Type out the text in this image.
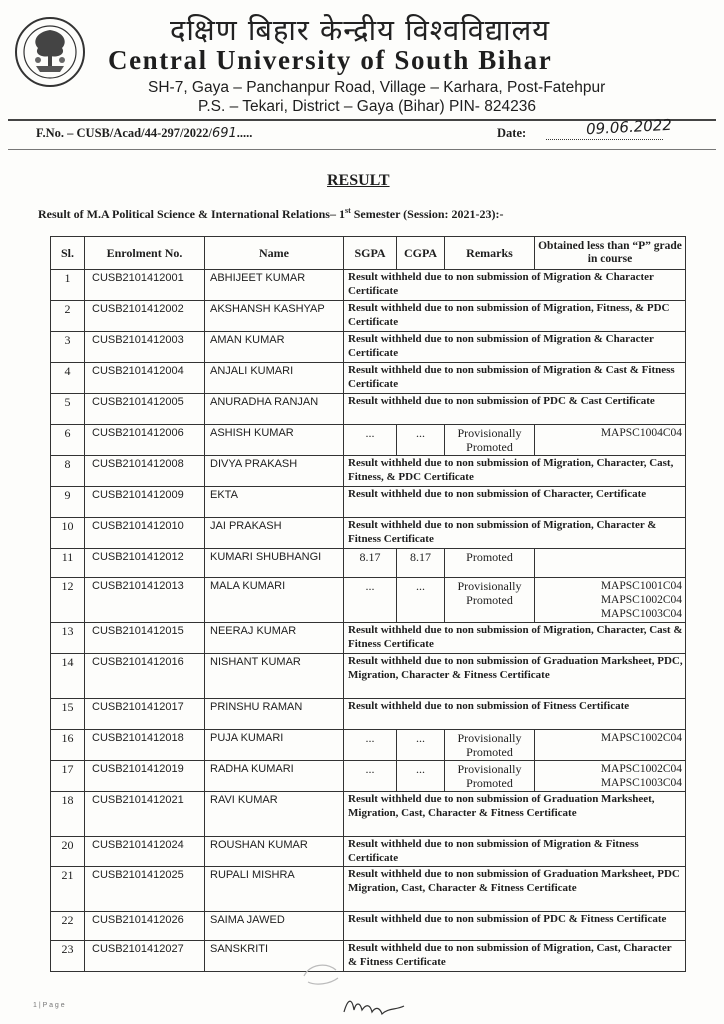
दक्षिण बिहार केन्द्रीय विश्वविद्यालय
Central University of South Bihar
SH-7, Gaya – Panchanpur Road, Village – Karhara, Post-Fatehpur
P.S. – Tekari, District – Gaya (Bihar) PIN- 824236
F.No. – CUSB/Acad/44-297/2022/691.....	Date:	09.06.2022
RESULT
Result of M.A Political Science & International Relations– 1st Semester (Session: 2021-23):-
Sl.	Enrolment No.	Name	SGPA	CGPA	Remarks	Obtained less than “P” grade in course
1	CUSB2101412001	ABHIJEET KUMAR	Result withheld due to non submission of Migration & Character Certificate			
2	CUSB2101412002	AKSHANSH KASHYAP	Result withheld due to non submission of Migration, Fitness, & PDC Certificate			
3	CUSB2101412003	AMAN KUMAR	Result withheld due to non submission of Migration & Character Certificate			
4	CUSB2101412004	ANJALI KUMARI	Result withheld due to non submission of Migration & Cast & Fitness Certificate			
5	CUSB2101412005	ANURADHA RANJAN	Result withheld due to non submission of PDC & Cast Certificate			
6	CUSB2101412006	ASHISH KUMAR	...	...	Provisionally Promoted	MAPSC1004C04
8	CUSB2101412008	DIVYA PRAKASH	Result withheld due to non submission of Migration, Character, Cast, Fitness, & PDC Certificate			
9	CUSB2101412009	EKTA	Result withheld due to non submission of Character, Certificate			
10	CUSB2101412010	JAI PRAKASH	Result withheld due to non submission of Migration, Character & Fitness Certificate			
11	CUSB2101412012	KUMARI SHUBHANGI	8.17	8.17	Promoted	
12	CUSB2101412013	MALA KUMARI	...	...	Provisionally Promoted	MAPSC1001C04 MAPSC1002C04 MAPSC1003C04
13	CUSB2101412015	NEERAJ KUMAR	Result withheld due to non submission of Migration, Character, Cast & Fitness Certificate			
14	CUSB2101412016	NISHANT KUMAR	Result withheld due to non submission of Graduation Marksheet, PDC, Migration, Character & Fitness Certificate			
15	CUSB2101412017	PRINSHU RAMAN	Result withheld due to non submission of Fitness Certificate			
16	CUSB2101412018	PUJA KUMARI	...	...	Provisionally Promoted	MAPSC1002C04
17	CUSB2101412019	RADHA KUMARI	...	...	Provisionally Promoted	MAPSC1002C04 MAPSC1003C04
18	CUSB2101412021	RAVI KUMAR	Result withheld due to non submission of Graduation Marksheet, Migration, Cast, Character & Fitness Certificate			
20	CUSB2101412024	ROUSHAN KUMAR	Result withheld due to non submission of Migration & Fitness Certificate			
21	CUSB2101412025	RUPALI MISHRA	Result withheld due to non submission of Graduation Marksheet, PDC Migration, Cast, Character & Fitness Certificate			
22	CUSB2101412026	SAIMA JAWED	Result withheld due to non submission of PDC & Fitness Certificate			
23	CUSB2101412027	SANSKRITI	Result withheld due to non submission of Migration, Cast, Character & Fitness Certificate			
1 | P a g e
